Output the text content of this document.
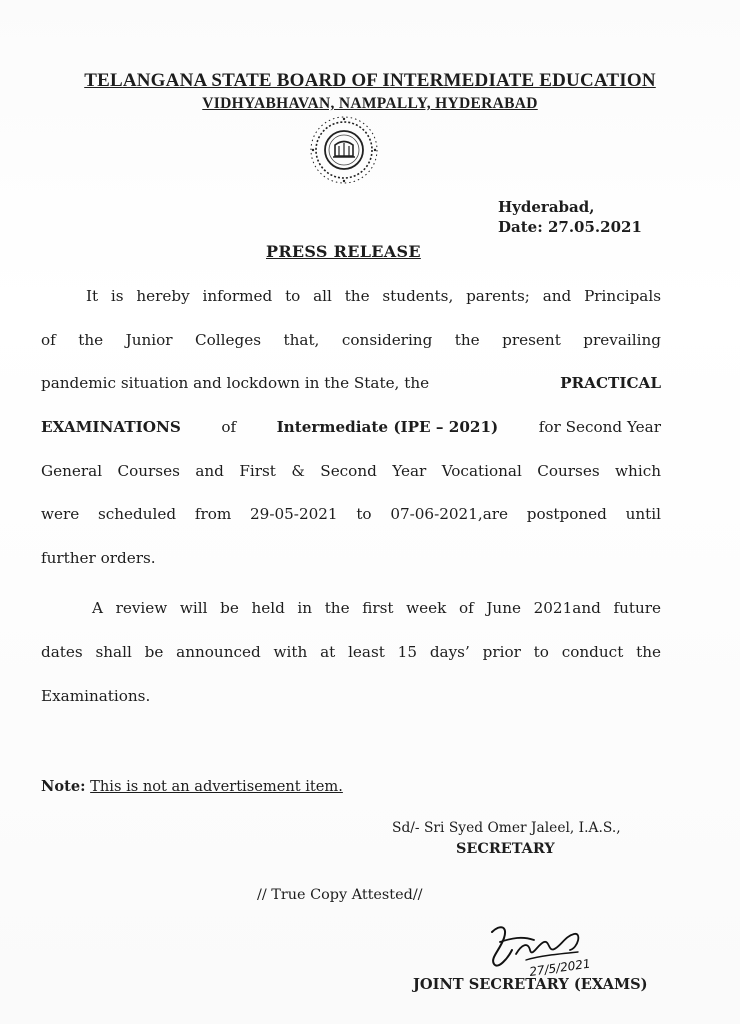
TELANGANA STATE BOARD OF INTERMEDIATE EDUCATION
VIDHYABHAVAN, NAMPALLY, HYDERABAD
Hyderabad,
Date: 27.05.2021
PRESS RELEASE
It is hereby informed to all the students, parents; and Principals
of the Junior Colleges that, considering the present prevailing
pandemic situation and lockdown in the State, the	PRACTICAL
EXAMINATIONS	of	Intermediate (IPE – 2021)	for Second Year
General Courses and First & Second Year Vocational Courses which
were scheduled from 29-05-2021 to 07-06-2021,are postponed until
further orders.
A review will be held in the first week of June 2021and future
dates shall be announced with at least 15 days’ prior to conduct the
Examinations.
Note: This is not an advertisement item.
Sd/- Sri Syed Omer Jaleel, I.A.S.,
SECRETARY
// True Copy Attested//
27/5/2021
JOINT SECRETARY (EXAMS)
